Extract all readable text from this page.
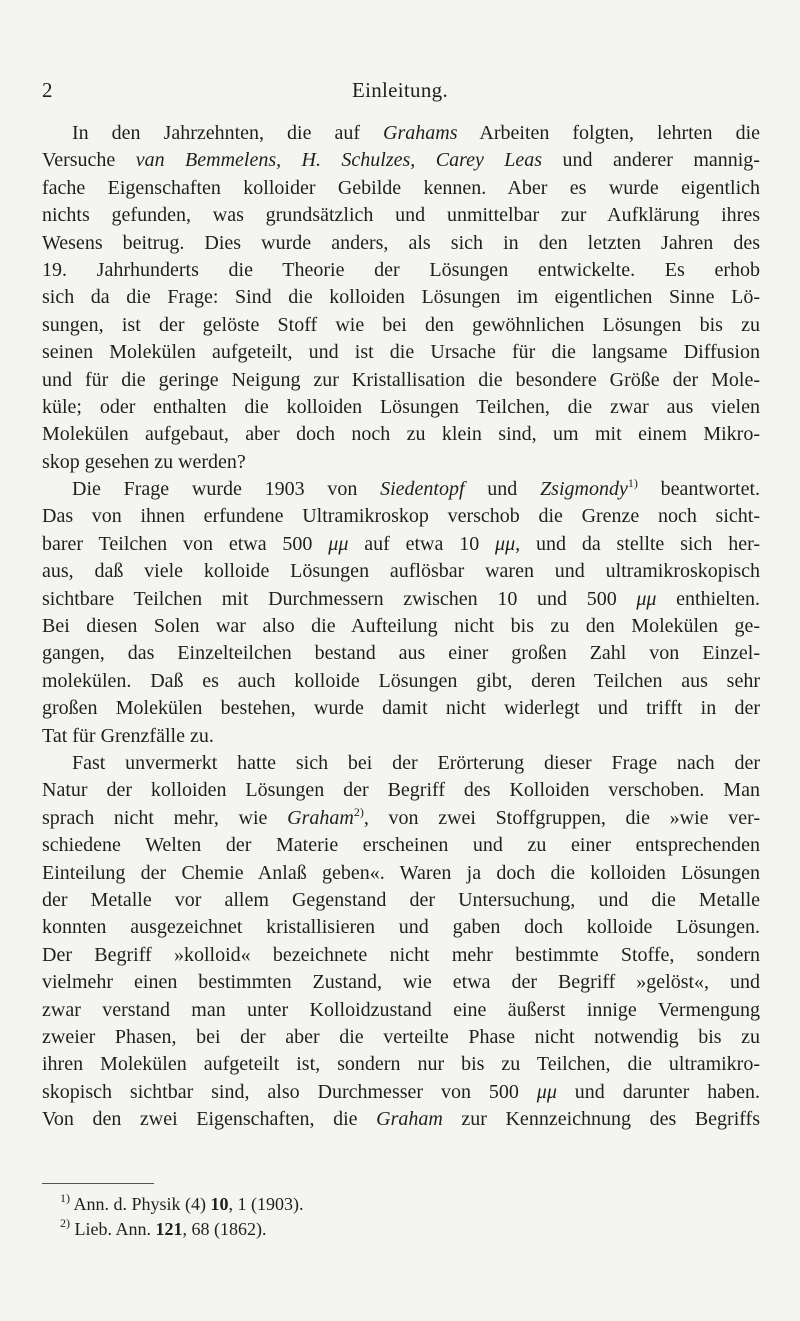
2	Einleitung.
In den Jahrzehnten, die auf Grahams Arbeiten folgten, lehrten die
Versuche van Bemmelens, H. Schulzes, Carey Leas und anderer mannig-
fache Eigenschaften kolloider Gebilde kennen. Aber es wurde eigentlich
nichts gefunden, was grundsätzlich und unmittelbar zur Aufklärung ihres
Wesens beitrug. Dies wurde anders, als sich in den letzten Jahren des
19. Jahrhunderts die Theorie der Lösungen entwickelte. Es erhob
sich da die Frage: Sind die kolloiden Lösungen im eigentlichen Sinne Lö-
sungen, ist der gelöste Stoff wie bei den gewöhnlichen Lösungen bis zu
seinen Molekülen aufgeteilt, und ist die Ursache für die langsame Diffusion
und für die geringe Neigung zur Kristallisation die besondere Größe der Mole-
küle; oder enthalten die kolloiden Lösungen Teilchen, die zwar aus vielen
Molekülen aufgebaut, aber doch noch zu klein sind, um mit einem Mikro-
skop gesehen zu werden?
Die Frage wurde 1903 von Siedentopf und Zsigmondy$^{1)}$ beantwortet.
Das von ihnen erfundene Ultramikroskop verschob die Grenze noch sicht-
barer Teilchen von etwa 500 μμ auf etwa 10 μμ, und da stellte sich her-
aus, daß viele kolloide Lösungen auflösbar waren und ultramikroskopisch
sichtbare Teilchen mit Durchmessern zwischen 10 und 500 μμ enthielten.
Bei diesen Solen war also die Aufteilung nicht bis zu den Molekülen ge-
gangen, das Einzelteilchen bestand aus einer großen Zahl von Einzel-
molekülen. Daß es auch kolloide Lösungen gibt, deren Teilchen aus sehr
großen Molekülen bestehen, wurde damit nicht widerlegt und trifft in der
Tat für Grenzfälle zu.
Fast unvermerkt hatte sich bei der Erörterung dieser Frage nach der
Natur der kolloiden Lösungen der Begriff des Kolloiden verschoben. Man
sprach nicht mehr, wie Graham$^{2)}$, von zwei Stoffgruppen, die »wie ver-
schiedene Welten der Materie erscheinen und zu einer entsprechenden
Einteilung der Chemie Anlaß geben«. Waren ja doch die kolloiden Lösungen
der Metalle vor allem Gegenstand der Untersuchung, und die Metalle
konnten ausgezeichnet kristallisieren und gaben doch kolloide Lösungen.
Der Begriff »kolloid« bezeichnete nicht mehr bestimmte Stoffe, sondern
vielmehr einen bestimmten Zustand, wie etwa der Begriff »gelöst«, und
zwar verstand man unter Kolloidzustand eine äußerst innige Vermengung
zweier Phasen, bei der aber die verteilte Phase nicht notwendig bis zu
ihren Molekülen aufgeteilt ist, sondern nur bis zu Teilchen, die ultramikro-
skopisch sichtbar sind, also Durchmesser von 500 μμ und darunter haben.
Von den zwei Eigenschaften, die Graham zur Kennzeichnung des Begriffs
$^{1)}$ Ann. d. Physik (4) 10, 1 (1903).
$^{2)}$ Lieb. Ann. 121, 68 (1862).
